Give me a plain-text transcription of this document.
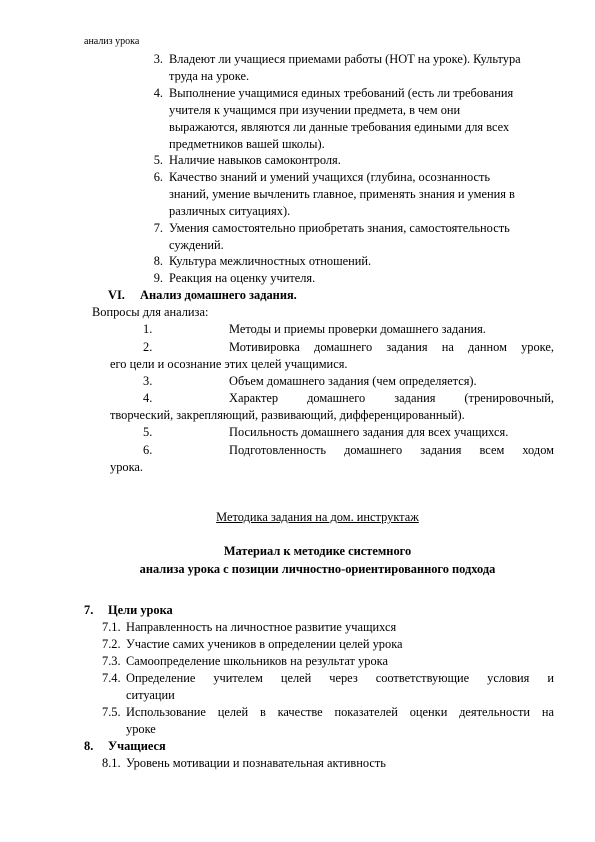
анализ урока
3. Владеют ли учащиеся приемами работы (НОТ на уроке). Культура
труда на уроке.
4. Выполнение учащимися единых требований (есть ли требования
учителя к учащимся при изучении предмета, в чем они
выражаются, являются ли данные требования едиными для всех
предметников вашей школы).
5. Наличие навыков самоконтроля.
6. Качество знаний и умений учащихся (глубина, осознанность
знаний, умение вычленить главное, применять знания и умения в
различных ситуациях).
7. Умения самостоятельно приобретать знания, самостоятельность
суждений.
8. Культура межличностных отношений.
9. Реакция на оценку учителя.
VI. Анализ домашнего задания.
Вопросы для анализа:
1.	Методы и приемы проверки домашнего задания.
2.	Мотивировка домашнего задания на данном уроке,
его цели и осознание этих целей учащимися.
3.	Объем домашнего задания (чем определяется).
4.	Характер домашнего задания (тренировочный,
творческий, закрепляющий, развивающий, дифференцированный).
5.	Посильность домашнего задания для всех учащихся.
6.	Подготовленность домашнего задания всем ходом
урока.
Методика задания на дом. инструктаж
Материал к методике системного
анализа урока с позиции личностно-ориентированного подхода
7. Цели урока
7.1. Направленность на личностное развитие учащихся
7.2. Участие самих учеников в определении целей урока
7.3. Самоопределение школьников на результат урока
7.4. Определение учителем целей через соответствующие условия и
ситуации
7.5. Использование целей в качестве показателей оценки деятельности на
уроке
8. Учащиеся
8.1. Уровень мотивации и познавательная активность
